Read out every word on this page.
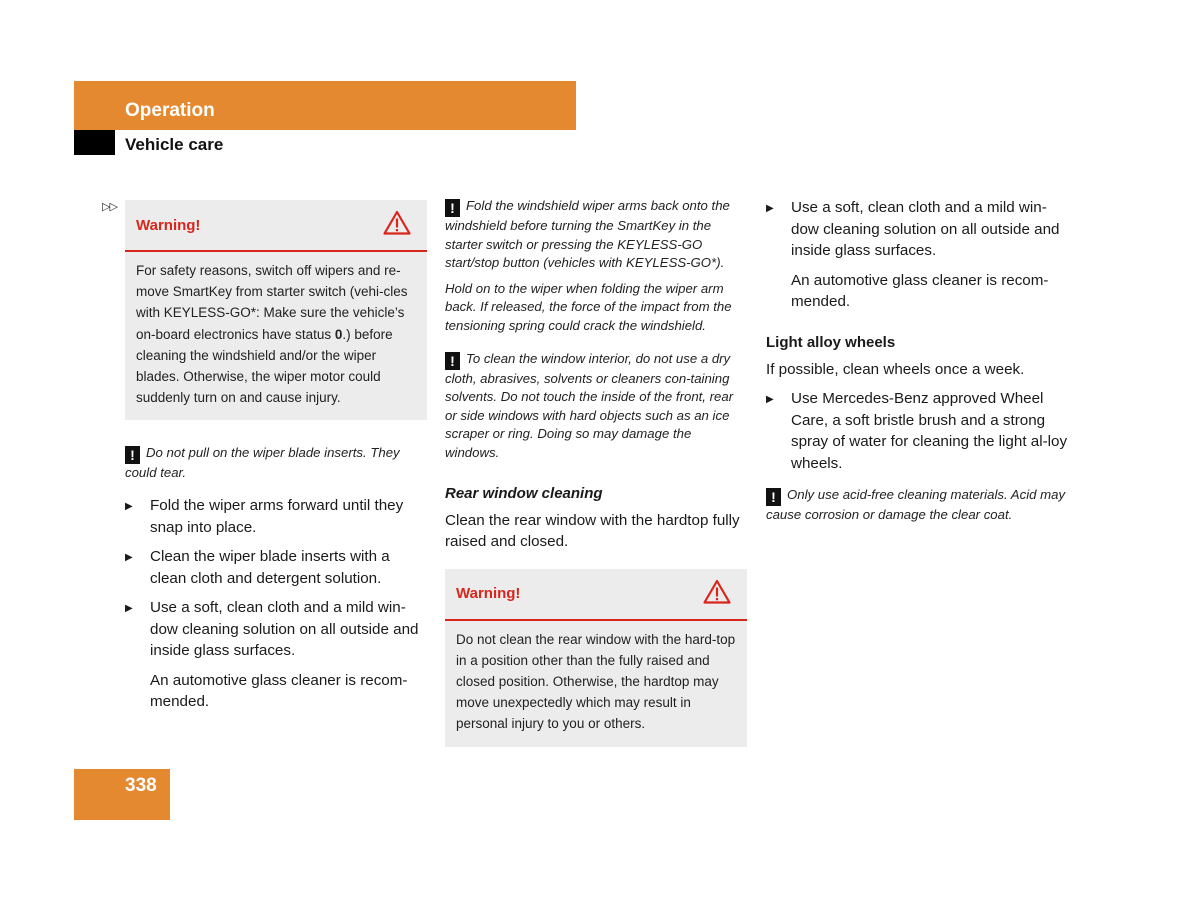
Operation
Vehicle care
▷▷
Warning!
For safety reasons, switch off wipers and re-move SmartKey from starter switch (vehi-cles with KEYLESS-GO*: Make sure the vehicle’s on-board electronics have status 0.) before cleaning the windshield and/or the wiper blades. Otherwise, the wiper motor could suddenly turn on and cause injury.
! Do not pull on the wiper blade inserts. They could tear.
▶	Fold the wiper arms forward until they snap into place.
▶	Clean the wiper blade inserts with a clean cloth and detergent solution.
▶	Use a soft, clean cloth and a mild win-dow cleaning solution on all outside and inside glass surfaces.
An automotive glass cleaner is recom-mended.
! Fold the windshield wiper arms back onto the windshield before turning the SmartKey in the starter switch or pressing the KEYLESS-GO start/stop button (vehicles with KEYLESS-GO*).
Hold on to the wiper when folding the wiper arm back. If released, the force of the impact from the tensioning spring could crack the windshield.
! To clean the window interior, do not use a dry cloth, abrasives, solvents or cleaners con-taining solvents. Do not touch the inside of the front, rear or side windows with hard objects such as an ice scraper or ring. Doing so may damage the windows.
Rear window cleaning
Clean the rear window with the hardtop fully raised and closed.
Warning!
Do not clean the rear window with the hard-top in a position other than the fully raised and closed position. Otherwise, the hardtop may move unexpectedly which may result in personal injury to you or others.
▶	Use a soft, clean cloth and a mild win-dow cleaning solution on all outside and inside glass surfaces.
An automotive glass cleaner is recom-mended.
Light alloy wheels
If possible, clean wheels once a week.
▶	Use Mercedes-Benz approved Wheel Care, a soft bristle brush and a strong spray of water for cleaning the light al-loy wheels.
! Only use acid-free cleaning materials. Acid may cause corrosion or damage the clear coat.
338
